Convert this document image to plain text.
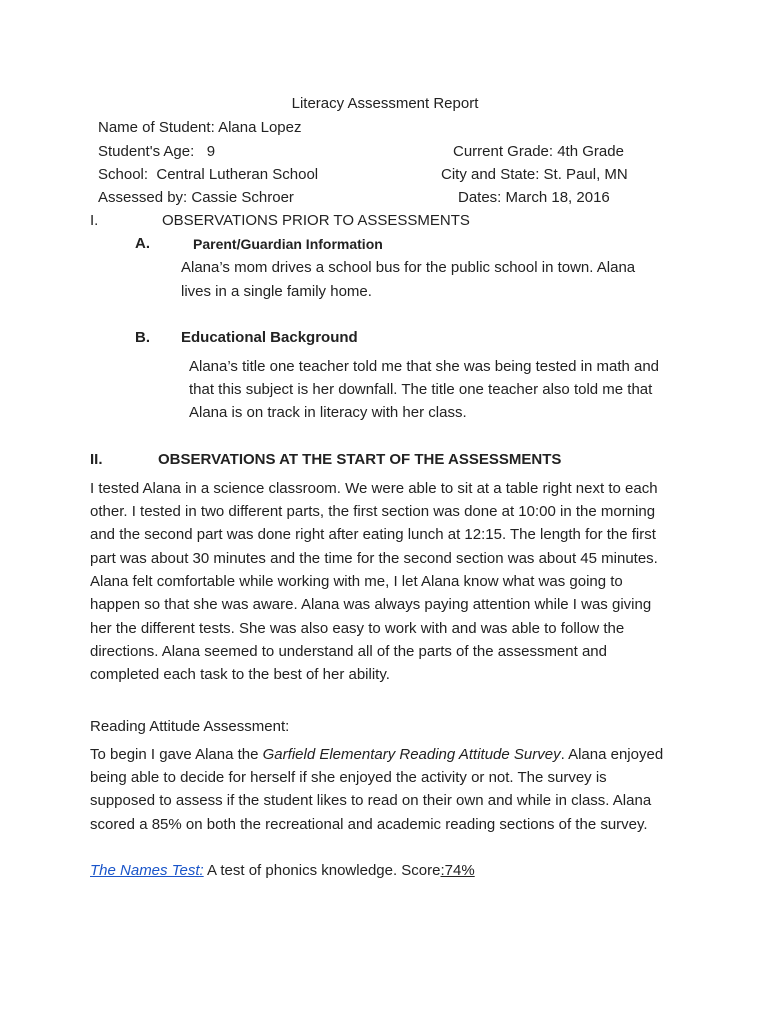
Literacy Assessment Report
Name of Student: Alana Lopez
Student's Age:   9	Current Grade: 4th Grade
School:  Central Lutheran School	City and State: St. Paul, MN
Assessed by: Cassie Schroer	Dates: March 18, 2016
I.	OBSERVATIONS PRIOR TO ASSESSMENTS
A.	Parent/Guardian Information
Alana’s mom drives a school bus for the public school in town. Alana
lives in a single family home.
B. Educational Background
Alana’s title one teacher told me that she was being tested in math and
that this subject is her downfall. The title one teacher also told me that
Alana is on track in literacy with her class.
II.	OBSERVATIONS AT THE START OF THE ASSESSMENTS
I tested Alana in a science classroom. We were able to sit at a table right next to each
other. I tested in two different parts, the first section was done at 10:00 in the morning
and the second part was done right after eating lunch at 12:15. The length for the first
part was about 30 minutes and the time for the second section was about 45 minutes.
Alana felt comfortable while working with me, I let Alana know what was going to
happen so that she was aware. Alana was always paying attention while I was giving
her the different tests. She was also easy to work with and was able to follow the
directions. Alana seemed to understand all of the parts of the assessment and
completed each task to the best of her ability.
Reading Attitude Assessment:
To begin I gave Alana the Garfield Elementary Reading Attitude Survey. Alana enjoyed
being able to decide for herself if she enjoyed the activity or not. The survey is
supposed to assess if the student likes to read on their own and while in class. Alana
scored a 85% on both the recreational and academic reading sections of the survey.
The Names Test: A test of phonics knowledge. Score:74%
